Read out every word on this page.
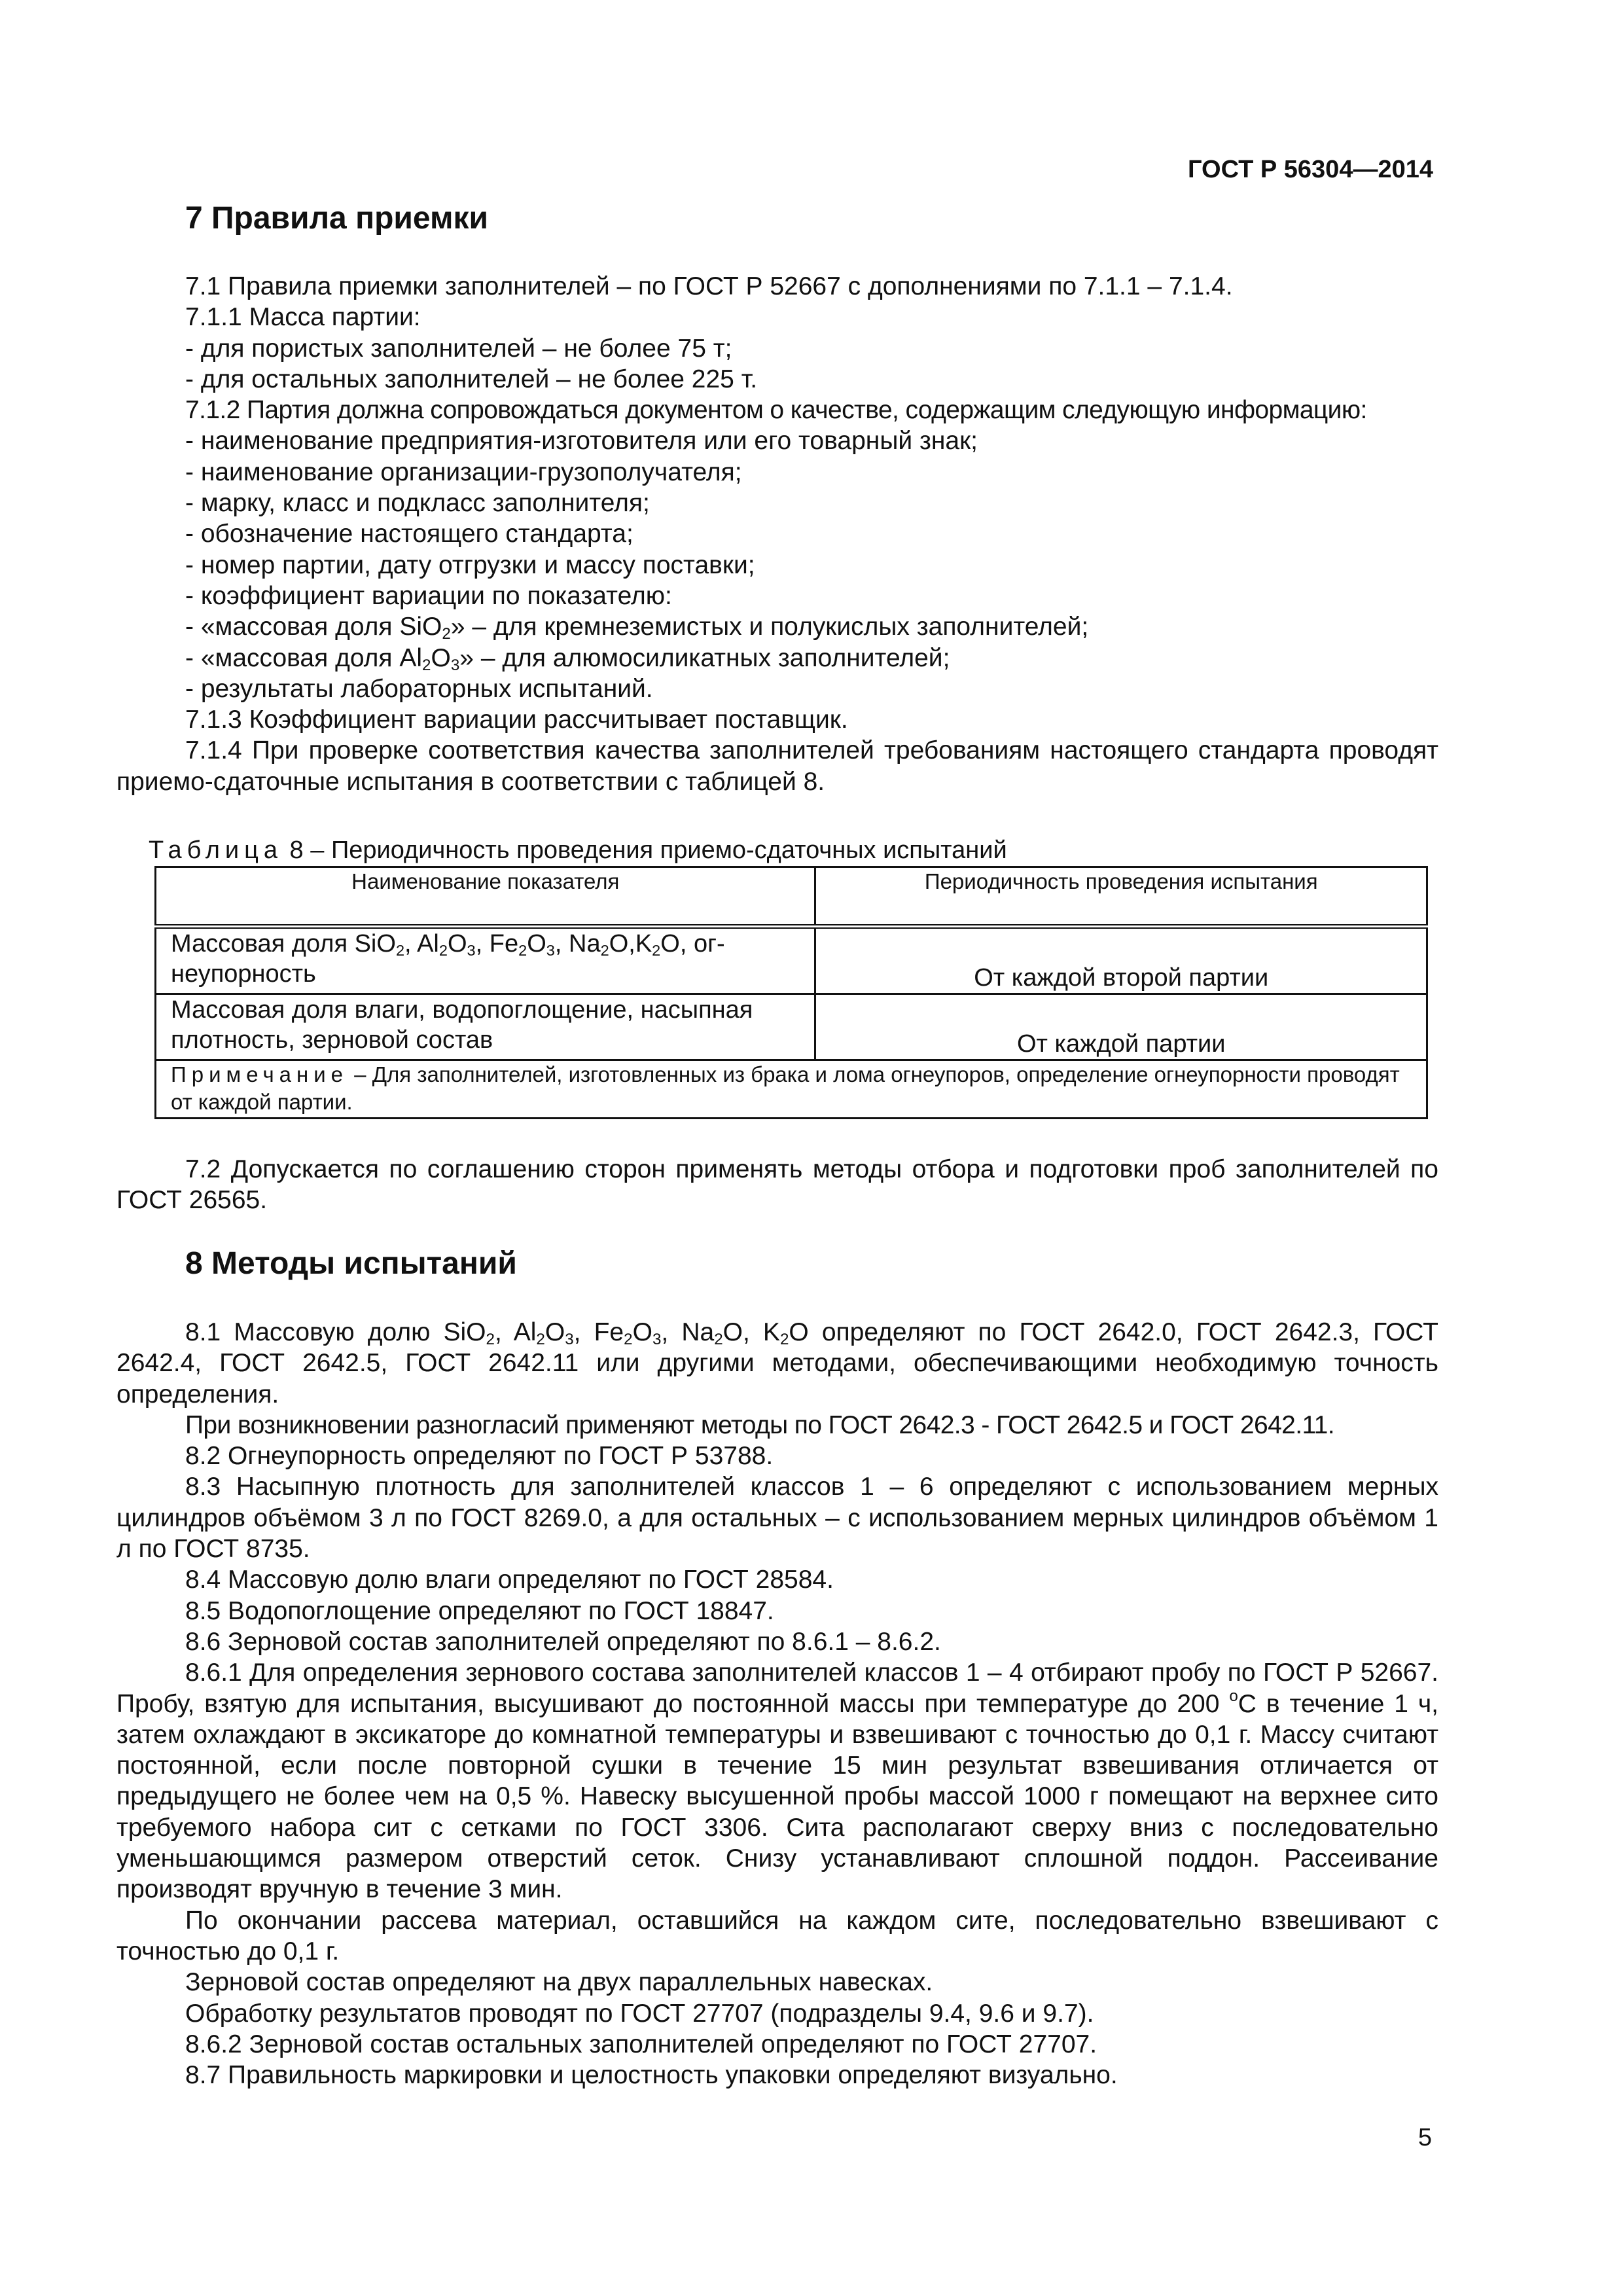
ГОСТ Р 56304—2014
7 Правила приемки

7.1 Правила приемки заполнителей – по ГОСТ Р 52667 с дополнениями по 7.1.1 – 7.1.4.

7.1.1 Масса партии:

- для пористых заполнителей – не более 75 т;

- для остальных заполнителей – не более 225 т.

7.1.2 Партия должна сопровождаться документом о качестве, содержащим следующую информацию:

- наименование предприятия-изготовителя или его товарный знак;

- наименование организации-грузополучателя;

- марку, класс и подкласс заполнителя;

- обозначение настоящего стандарта;

- номер партии, дату отгрузки и массу поставки;

- коэффициент вариации по показателю:

- «массовая доля SiO$_2$» – для кремнеземистых и полукислых заполнителей;

- «массовая доля $Al_2O_3$» – для алюмосиликатных заполнителей;

- результаты лабораторных испытаний.

7.1.3 Коэффициент вариации рассчитывает поставщик.

7.1.4 При проверке соответствия качества заполнителей требованиям настоящего стандарта проводят приемо-сдаточные испытания в соответствии с таблицей 8.

Таблица 8 – Периодичность проведения приемо-сдаточных испытаний
Наименование показателя	Периодичность проведения испытания
Массовая доля SiO$_2$, $Al_2O_3$, $Fe_2O_3$, $Na_2O,K_2O$, ог-неупорность	От каждой второй партии
Массовая доля влаги, водопоглощение, насыпная плотность, зерновой состав	От каждой партии
Примечание – Для заполнителей, изготовленных из брака и лома огнеупоров, определение огнеупорности проводят от каждой партии.	

7.2 Допускается по соглашению сторон применять методы отбора и подготовки проб заполнителей по ГОСТ 26565.

8 Методы испытаний

8.1 Массовую долю SiO$_2$, $Al_2O_3$, $Fe_2O_3$, $Na_2O$, $K_2O$ определяют по ГОСТ 2642.0, ГОСТ 2642.3, ГОСТ 2642.4, ГОСТ 2642.5, ГОСТ 2642.11 или другими методами, обеспечивающими необходимую точность определения.

При возникновении разногласий применяют методы по ГОСТ 2642.3 - ГОСТ 2642.5 и ГОСТ 2642.11.

8.2 Огнеупорность определяют по ГОСТ Р 53788.

8.3 Насыпную плотность для заполнителей классов 1 – 6 определяют с использованием мерных цилиндров объёмом 3 л по ГОСТ 8269.0, а для остальных – с использованием мерных цилиндров объёмом 1 л по ГОСТ 8735.

8.4 Массовую долю влаги определяют по ГОСТ 28584.

8.5 Водопоглощение определяют по ГОСТ 18847.

8.6 Зерновой состав заполнителей определяют по 8.6.1 – 8.6.2.

8.6.1 Для определения зернового состава заполнителей классов 1 – 4 отбирают пробу по ГОСТ Р 52667. Пробу, взятую для испытания, высушивают до постоянной массы при температуре до 200 $^o$С в течение 1 ч, затем охлаждают в эксикаторе до комнатной температуры и взвешивают с точностью до 0,1 г. Массу считают постоянной, если после повторной сушки в течение 15 мин результат взвешивания отличается от предыдущего не более чем на 0,5 %. Навеску высушенной пробы массой 1000 г помещают на верхнее сито требуемого набора сит с сетками по ГОСТ 3306. Сита располагают сверху вниз с последовательно уменьшающимся размером отверстий сеток. Снизу устанавливают сплошной поддон. Рассеивание производят вручную в течение 3 мин.

По окончании рассева материал, оставшийся на каждом сите, последовательно взвешивают с точностью до 0,1 г.

Зерновой состав определяют на двух параллельных навесках.

Обработку результатов проводят по ГОСТ 27707 (подразделы 9.4, 9.6 и 9.7).

8.6.2 Зерновой состав остальных заполнителей определяют по ГОСТ 27707.

8.7 Правильность маркировки и целостность упаковки определяют визуально.

5
